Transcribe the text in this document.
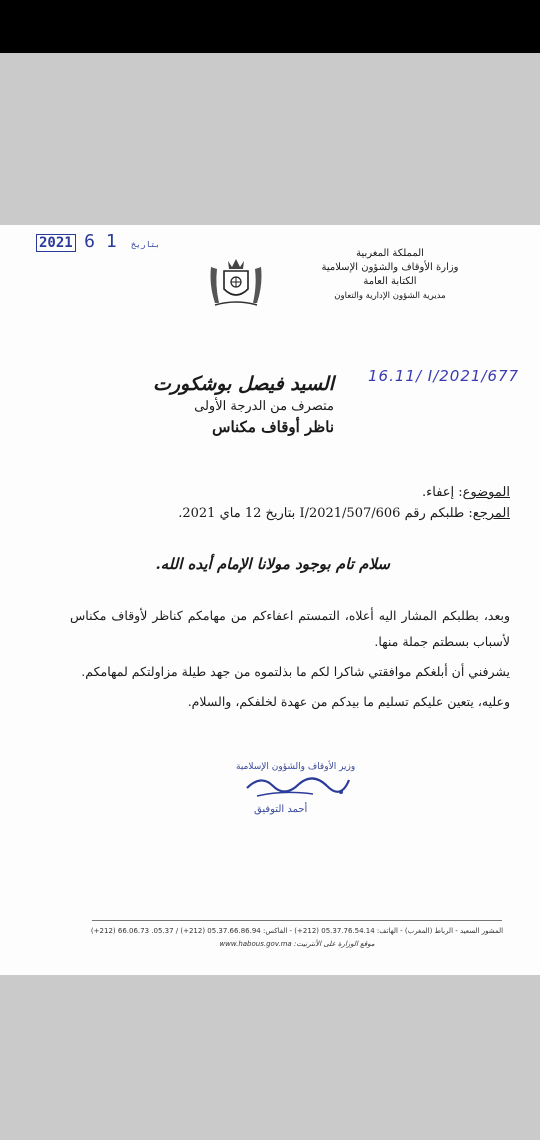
2021	بتاريخ 1 6
المملكة المغربية
وزارة الأوقاف والشؤون الإسلامية
الكتابة العامة
مديرية الشؤون الإدارية والتعاون
16.11/ I/2021/677
السيد فيصل بوشكورت
متصرف من الدرجة الأولى
ناظر أوقاف مكناس
الموضوع: إعفاء.
المرجع: طلبكم رقم 606/I/2021/507 بتاريخ 12 ماي 2021.
سلام تام بوجود مولانا الإمام أيده الله.

وبعد، بطلبكم المشار اليه أعلاه، التمستم اعفاءكم من مهامكم كناظر لأوقاف مكناس لأسباب بسطتم جملة منها.

يشرفني أن أبلغكم موافقتي شاكرا لكم ما بذلتموه من جهد طيلة مزاولتكم لمهامكم.

وعليه، يتعين عليكم تسليم ما بيدكم من عهدة لخلفكم، والسلام.

وزير الأوقاف والشؤون الإسلامية
أحمد التوفيق
المشور السعيد - الرباط (المغرب) - الهاتف: 05.37.76.54.14 (212+) - الفاكس: 05.37.66.86.94 (212+) / 05.37. 66.06.73 (212+)
موقع الوزارة على الأنترنيت: www.habous.gov.ma
